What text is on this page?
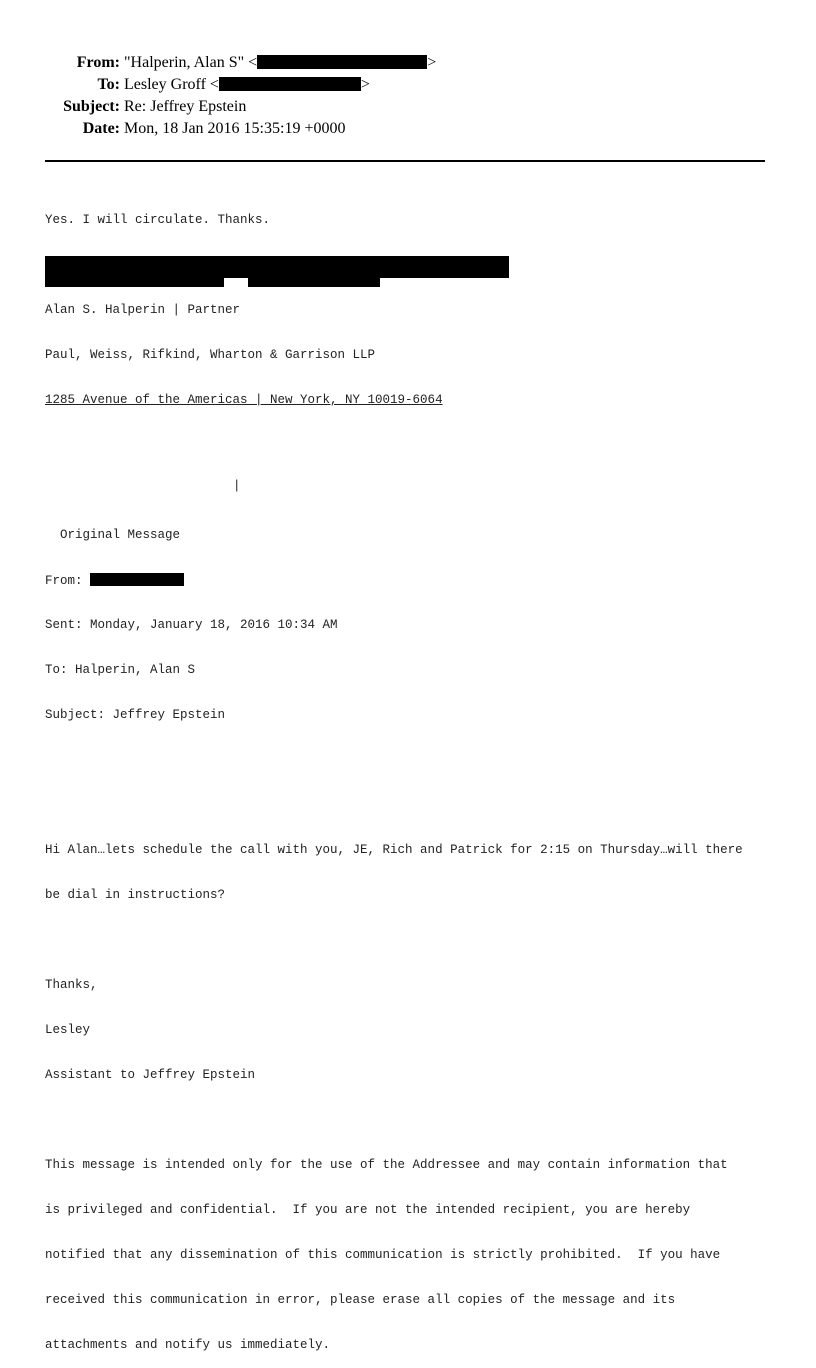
From: "Halperin, Alan S" <	>
To: Lesley Groff <	>
Subject: Re: Jeffrey Epstein
Date: Mon, 18 Jan 2016 15:35:19 +0000

Yes. I will circulate. Thanks.

Alan S. Halperin | Partner

Paul, Weiss, Rifkind, Wharton & Garrison LLP

1285 Avenue of the Americas | New York, NY 10019-6064

|

Original Message

From:

Sent: Monday, January 18, 2016 10:34 AM

To: Halperin, Alan S

Subject: Jeffrey Epstein

Hi Alan…lets schedule the call with you, JE, Rich and Patrick for 2:15 on Thursday…will there

be dial in instructions?

Thanks,

Lesley

Assistant to Jeffrey Epstein

This message is intended only for the use of the Addressee and may contain information that

is privileged and confidential.  If you are not the intended recipient, you are hereby

notified that any dissemination of this communication is strictly prohibited.  If you have

received this communication in error, please erase all copies of the message and its

attachments and notify us immediately.
